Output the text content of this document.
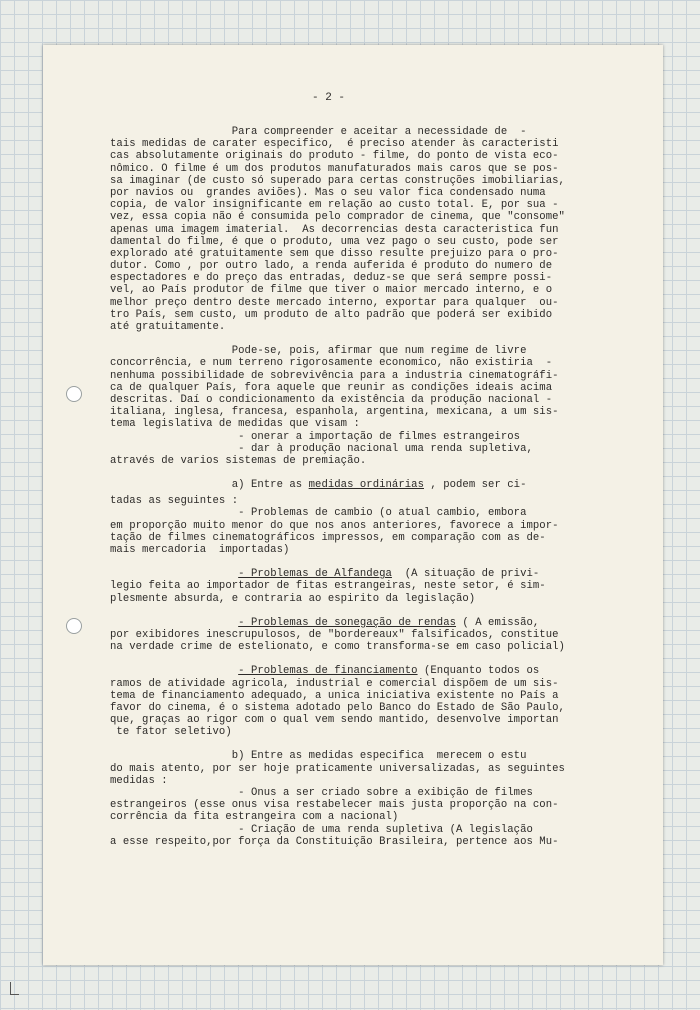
- 2 -
Para compreender e aceitar a necessidade de  -
tais medidas de carater especifico,  é preciso atender às caracteristi
cas absolutamente originais do produto - filme, do ponto de vista eco-
nômico. O filme é um dos produtos manufaturados mais caros que se pos-
sa imaginar (de custo só superado para certas construções imobiliarias,
por navios ou  grandes aviões). Mas o seu valor fica condensado numa
copia, de valor insignificante em relação ao custo total. E, por sua -
vez, essa copia não é consumida pelo comprador de cinema, que "consome"
apenas uma imagem imaterial.  As decorrencias desta caracteristica fun
damental do filme, é que o produto, uma vez pago o seu custo, pode ser
explorado até gratuitamente sem que disso resulte prejuizo para o pro-
dutor. Como , por outro lado, a renda auferida é produto do numero de
espectadores e do preço das entradas, deduz-se que será sempre possi-
vel, ao País produtor de filme que tiver o maior mercado interno, e o
melhor preço dentro deste mercado interno, exportar para qualquer  ou-
tro País, sem custo, um produto de alto padrão que poderá ser exibido
até gratuitamente.
Pode-se, pois, afirmar que num regime de livre
concorrência, e num terreno rigorosamente economico, não existiria  -
nenhuma possibilidade de sobrevivência para a industria cinematográfi-
ca de qualquer País, fora aquele que reunir as condições ideais acima
descritas. Daí o condicionamento da existência da produção nacional -
italiana, inglesa, francesa, espanhola, argentina, mexicana, a um sis-
tema legislativa de medidas que visam :
- onerar a importação de filmes estrangeiros
- dar à produção nacional uma renda supletiva,
através de varios sistemas de premiação.
a) Entre as medidas ordinárias , podem ser ci-
tadas as seguintes :
- Problemas de cambio (o atual cambio, embora
em proporção muito menor do que nos anos anteriores, favorece a impor-
tação de filmes cinematográficos impressos, em comparação com as de-
mais mercadoria  importadas)
- Problemas de Alfandega  (A situação de privi-
legio feita ao importador de fitas estrangeiras, neste setor, é sim-
plesmente absurda, e contraria ao espirito da legislação)
- Problemas de sonegação de rendas ( A emissão,
por exibidores inescrupulosos, de "bordereaux" falsificados, constitue
na verdade crime de estelionato, e como transforma-se em caso policial)
- Problemas de financiamento (Enquanto todos os
ramos de atividade agricola, industrial e comercial dispõem de um sis-
tema de financiamento adequado, a unica iniciativa existente no País a
favor do cinema, é o sistema adotado pelo Banco do Estado de São Paulo,
que, graças ao rigor com o qual vem sendo mantido, desenvolve importan
te fator seletivo)
b) Entre as medidas especifica  merecem o estu
do mais atento, por ser hoje praticamente universalizadas, as seguintes
medidas :
- Onus a ser criado sobre a exibição de filmes
estrangeiros (esse onus visa restabelecer mais justa proporção na con-
corrência da fita estrangeira com a nacional)
- Criação de uma renda supletiva (A legislação
a esse respeito,por força da Constituição Brasileira, pertence aos Mu-
